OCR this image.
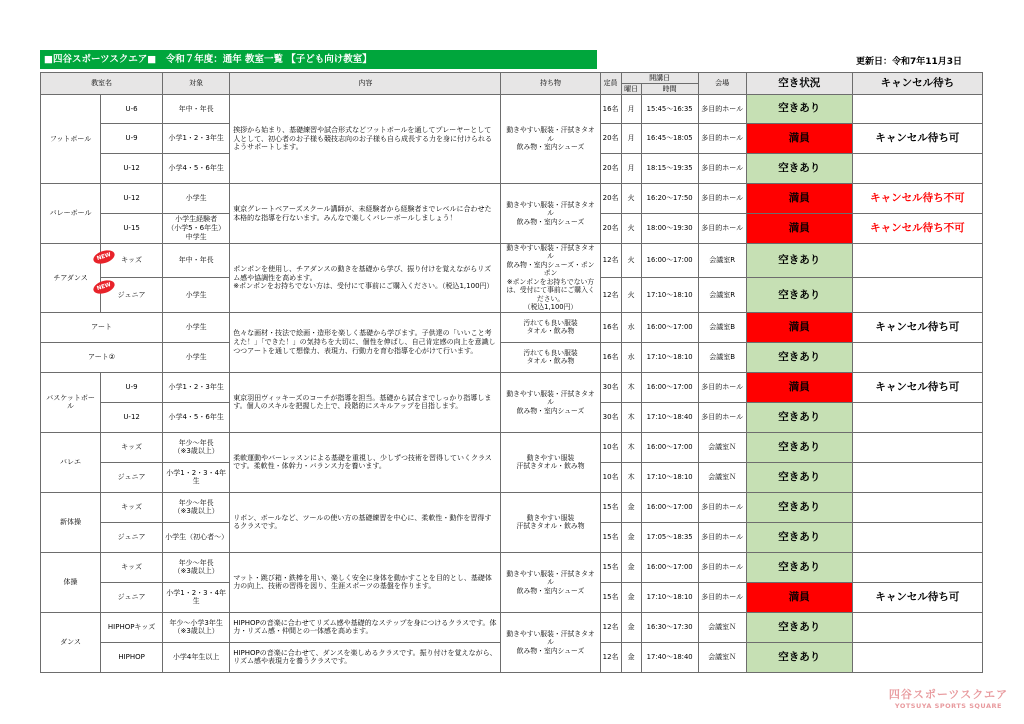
■四谷スポーツスクエア■　令和７年度：通年 教室一覧 【子ども向け教室】	更新日：令和7年11月3日
教室名		対象	内容	持ち物	定員	開講日		会場	空き状況	キャンセル待ち
						曜日	時間			
フットボール	U-6	年中・年長	挨拶から始まり、基礎練習や試合形式などフットボールを通してプレーヤーとして人として、初心者のお子様も競技志向のお子様も自ら成長する力を身に付けられるようサポートします。	動きやすい服装・汗拭きタオル
飲み物・室内シューズ	16名	月	15:45～16:35	多目的ホール	空きあり	
	U-9	小学1・2・3年生			20名	月	16:45～18:05	多目的ホール	満員	キャンセル待ち可
	U-12	小学4・5・6年生			20名	月	18:15～19:35	多目的ホール	空きあり	
バレーボール	U-12	小学生	東京グレートベアーズスクール講師が、未経験者から経験者までレベルに合わせた本格的な指導を行ないます。みんなで楽しくバレーボールしましょう！	動きやすい服装・汗拭きタオル
飲み物・室内シューズ	20名	火	16:20～17:50	多目的ホール	満員	キャンセル待ち不可
	U-15	小学生経験者
（小学5・6年生）
中学生			20名	火	18:00～19:30	多目的ホール	満員	キャンセル待ち不可
チアダンス	キッズ	年中・年長	ポンポンを使用し、チアダンスの動きを基礎から学び、振り付けを覚えながらリズム感や協調性を高めます。
※ポンポンをお持ちでない方は、受付にて事前にご購入ください。（税込1,100円）	動きやすい服装・汗拭きタオル
飲み物・室内シューズ・ポンポン
※ポンポンをお持ちでない方は、受付にて事前にご購入ください。
（税込1,100円）	12名	火	16:00～17:00	会議室R	空きあり	
	ジュニア	小学生			12名	火	17:10～18:10	会議室R	空きあり	
アート		小学生	色々な画材・技法で絵画・造形を楽しく基礎から学びます。子供達の「いいこと考えた！」「できた！」の気持ちを大切に、個性を伸ばし、自己肯定感の向上を意識しつつアートを通して想像力、表現力、行動力を育む指導を心がけて行います。	汚れても良い服装
タオル・飲み物	16名	水	16:00～17:00	会議室B	満員	キャンセル待ち可
アート②		小学生		汚れても良い服装
タオル・飲み物	16名	水	17:10～18:10	会議室B	空きあり	
バスケットボール	U-9	小学1・2・3年生	東京羽田ヴィッキーズのコーチが指導を担当。基礎から試合までしっかり指導します。個人のスキルを把握した上で、段階的にスキルアップを目指します。	動きやすい服装・汗拭きタオル
飲み物・室内シューズ	30名	木	16:00～17:00	多目的ホール	満員	キャンセル待ち可
	U-12	小学4・5・6年生			30名	木	17:10～18:40	多目的ホール	空きあり	
バレエ	キッズ	年少～年長
（※3歳以上）	柔軟運動やバーレッスンによる基礎を重視し、少しずつ技術を習得していくクラスです。柔軟性・体幹力・バランス力を養います。	動きやすい服装
汗拭きタオル・飲み物	10名	木	16:00～17:00	会議室Ｎ	空きあり	
	ジュニア	小学1・2・3・4年生			10名	木	17:10～18:10	会議室Ｎ	空きあり	
新体操	キッズ	年少～年長
（※3歳以上）	リボン、ボールなど、ツールの使い方の基礎練習を中心に、柔軟性・動作を習得するクラスです。	動きやすい服装
汗拭きタオル・飲み物	15名	金	16:00～17:00	多目的ホール	空きあり	
	ジュニア	小学生（初心者～）			15名	金	17:05～18:35	多目的ホール	空きあり	
体操	キッズ	年少～年長
（※3歳以上）	マット・跳び箱・鉄棒を用い、楽しく安全に身体を動かすことを目的とし、基礎体力の向上、技術の習得を図り、生涯スポーツの基盤を作ります。	動きやすい服装・汗拭きタオル
飲み物・室内シューズ	15名	金	16:00～17:00	多目的ホール	空きあり	
	ジュニア	小学1・2・3・4年生			15名	金	17:10～18:10	多目的ホール	満員	キャンセル待ち可
ダンス	HIPHOPキッズ	年少～小学3年生
（※3歳以上）	HIPHOPの音楽に合わせてリズム感や基礎的なステップを身につけるクラスです。体力・リズム感・仲間との一体感を高めます。	動きやすい服装・汗拭きタオル
飲み物・室内シューズ	12名	金	16:30～17:30	会議室Ｎ	空きあり	
	HIPHOP	小学4年生以上	HIPHOPの音楽に合わせて、ダンスを楽しめるクラスです。振り付けを覚えながら、リズム感や表現力を養うクラスです。		12名	金	17:40～18:40	会議室Ｎ	空きあり	
NEW
NEW
四谷スポーツスクエア
YOTSUYA SPORTS SQUARE
